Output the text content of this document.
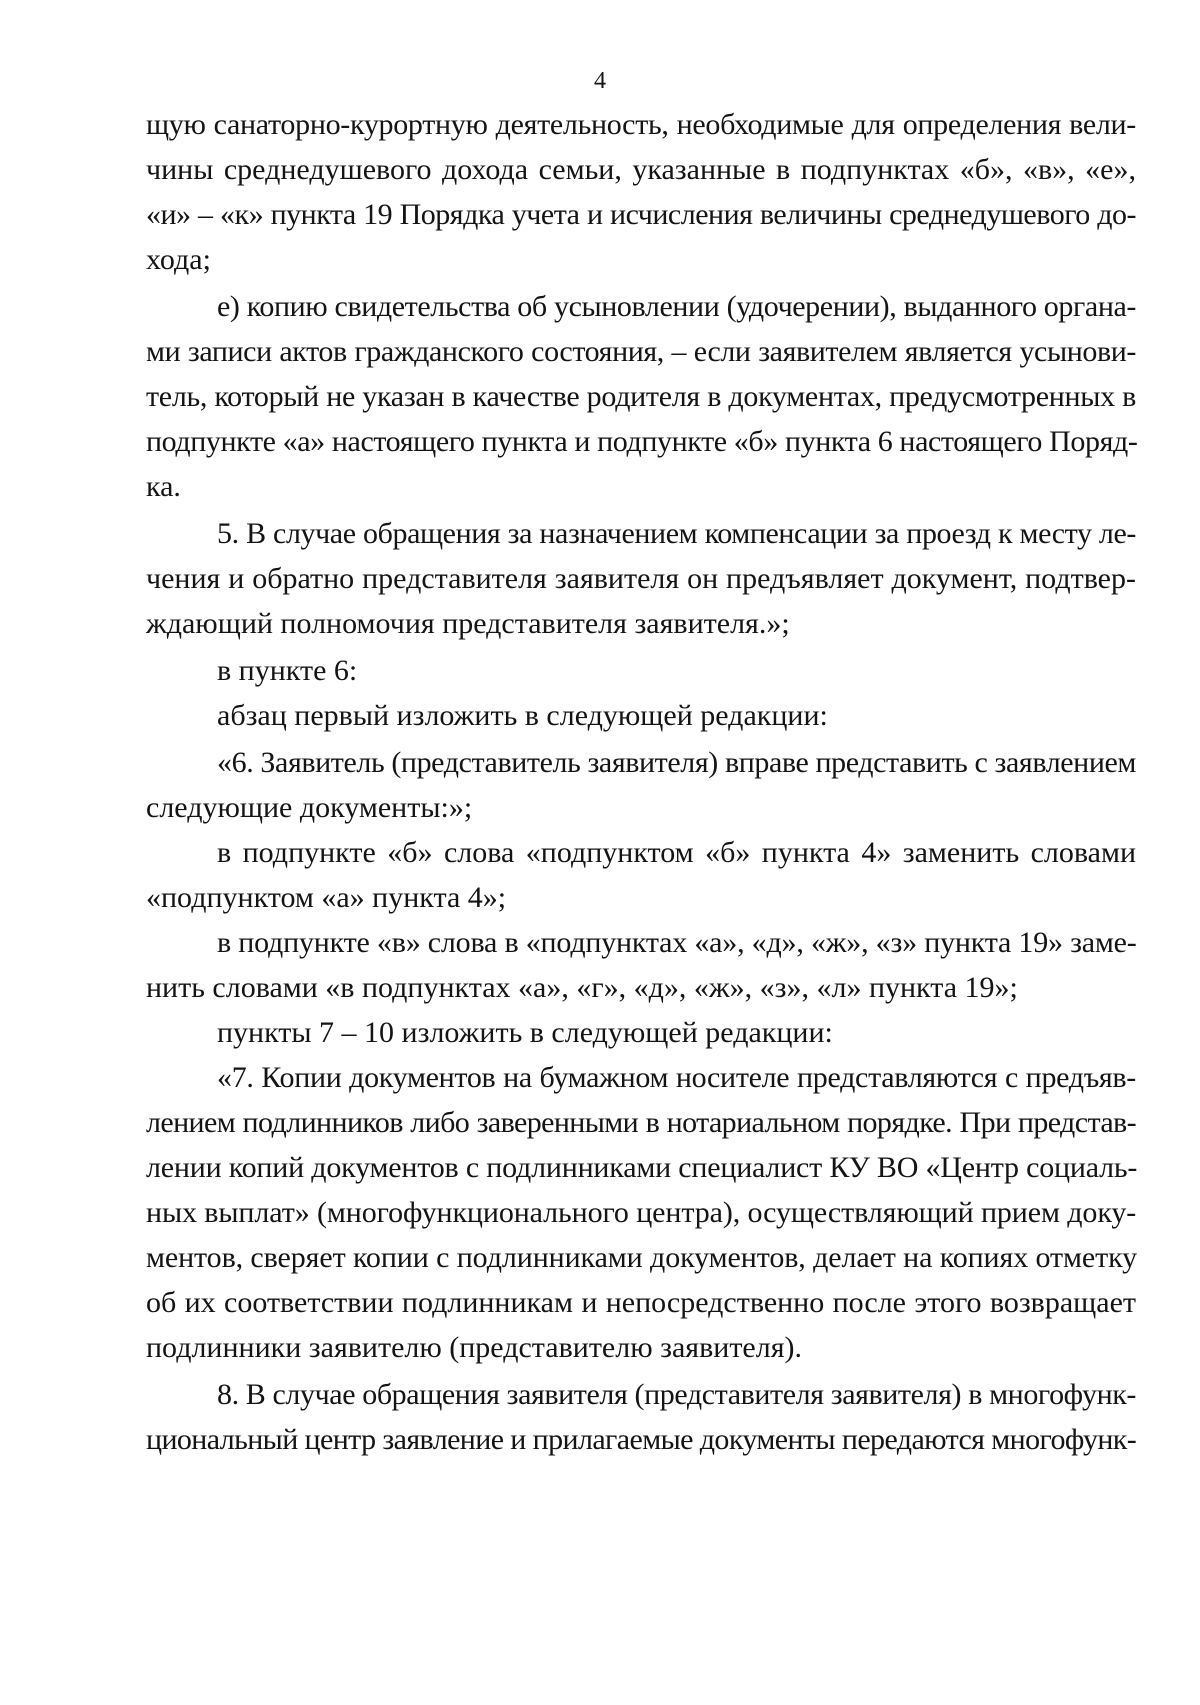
4
щую санаторно-курортную деятельность, необходимые для определения вели-
чины среднедушевого дохода семьи, указанные в подпунктах «б», «в», «е»,
«и» – «к» пункта 19 Порядка учета и исчисления величины среднедушевого до-
хода;
е) копию свидетельства об усыновлении (удочерении), выданного органа-
ми записи актов гражданского состояния, – если заявителем является усынови-
тель, который не указан в качестве родителя в документах, предусмотренных в
подпункте «а» настоящего пункта и подпункте «б» пункта 6 настоящего Поряд-
ка.
5. В случае обращения за назначением компенсации за проезд к месту ле-
чения и обратно представителя заявителя он предъявляет документ, подтвер-
ждающий полномочия представителя заявителя.»;
в пункте 6:
абзац первый изложить в следующей редакции:
«6. Заявитель (представитель заявителя) вправе представить с заявлением
следующие документы:»;
в подпункте «б» слова «подпунктом «б» пункта 4» заменить словами
«подпунктом «а» пункта 4»;
в подпункте «в» слова в «подпунктах «а», «д», «ж», «з» пункта 19» заме-
нить словами «в подпунктах «а», «г», «д», «ж», «з», «л» пункта 19»;
пункты 7 – 10 изложить в следующей редакции:
«7. Копии документов на бумажном носителе представляются с предъяв-
лением подлинников либо заверенными в нотариальном порядке. При представ-
лении копий документов с подлинниками специалист КУ ВО «Центр социаль-
ных выплат» (многофункционального центра), осуществляющий прием доку-
ментов, сверяет копии с подлинниками документов, делает на копиях отметку
об их соответствии подлинникам и непосредственно после этого возвращает
подлинники заявителю (представителю заявителя).
8. В случае обращения заявителя (представителя заявителя) в многофунк-
циональный центр заявление и прилагаемые документы передаются многофунк-
